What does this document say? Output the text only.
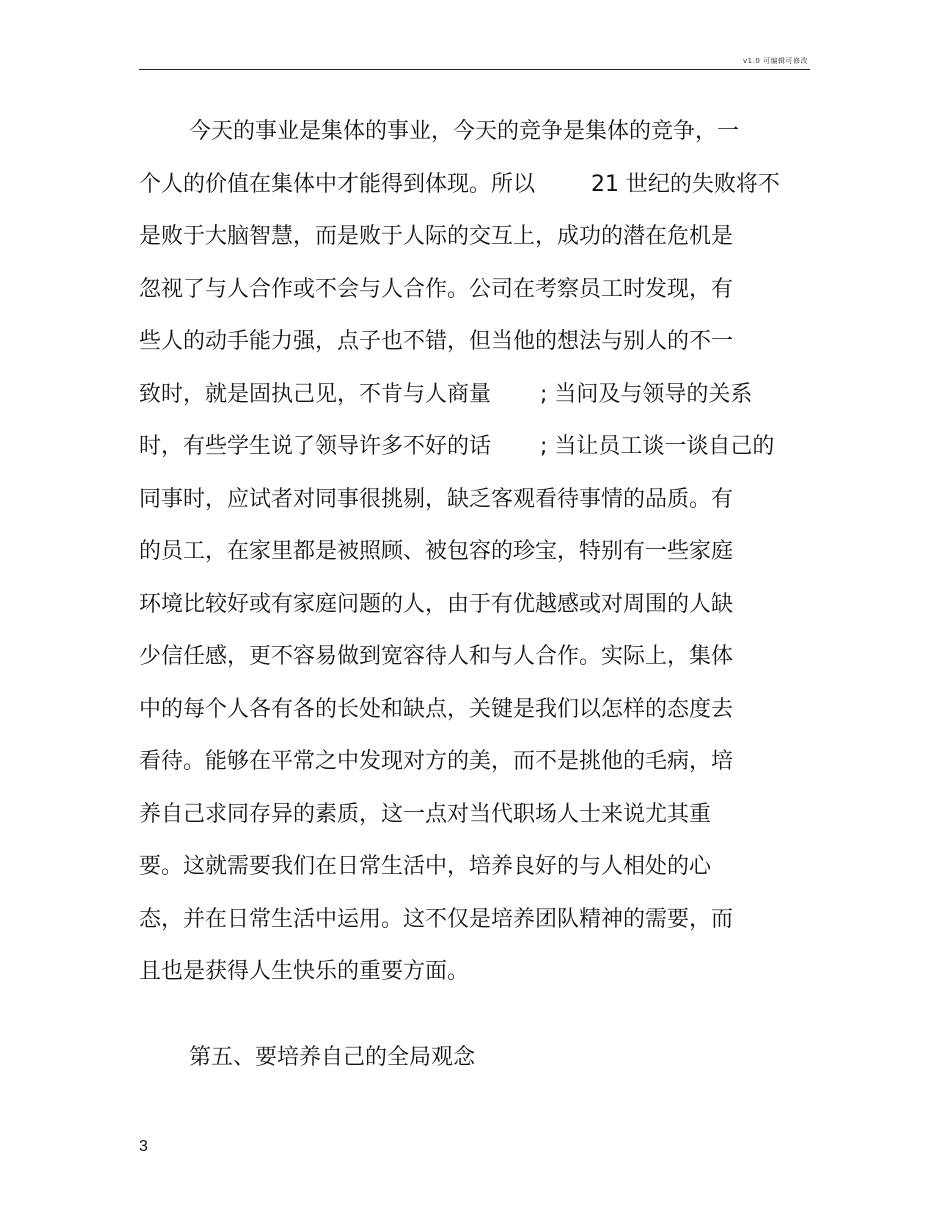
v1.0 可编辑可修改
今天的事业是集体的事业，今天的竞争是集体的竞争，一
个人的价值在集体中才能得到体现。所以        21 世纪的失败将不
是败于大脑智慧，而是败于人际的交互上，成功的潜在危机是
忽视了与人合作或不会与人合作。公司在考察员工时发现，有
些人的动手能力强，点子也不错，但当他的想法与别人的不一
致时，就是固执己见，不肯与人商量       ; 当问及与领导的关系
时，有些学生说了领导许多不好的话       ; 当让员工谈一谈自己的
同事时，应试者对同事很挑剔，缺乏客观看待事情的品质。有
的员工，在家里都是被照顾、被包容的珍宝，特别有一些家庭
环境比较好或有家庭问题的人，由于有优越感或对周围的人缺
少信任感，更不容易做到宽容待人和与人合作。实际上，集体
中的每个人各有各的长处和缺点，关键是我们以怎样的态度去
看待。能够在平常之中发现对方的美，而不是挑他的毛病，培
养自己求同存异的素质，这一点对当代职场人士来说尤其重
要。这就需要我们在日常生活中，培养良好的与人相处的心
态，并在日常生活中运用。这不仅是培养团队精神的需要，而
且也是获得人生快乐的重要方面。
第五、要培养自己的全局观念
3
